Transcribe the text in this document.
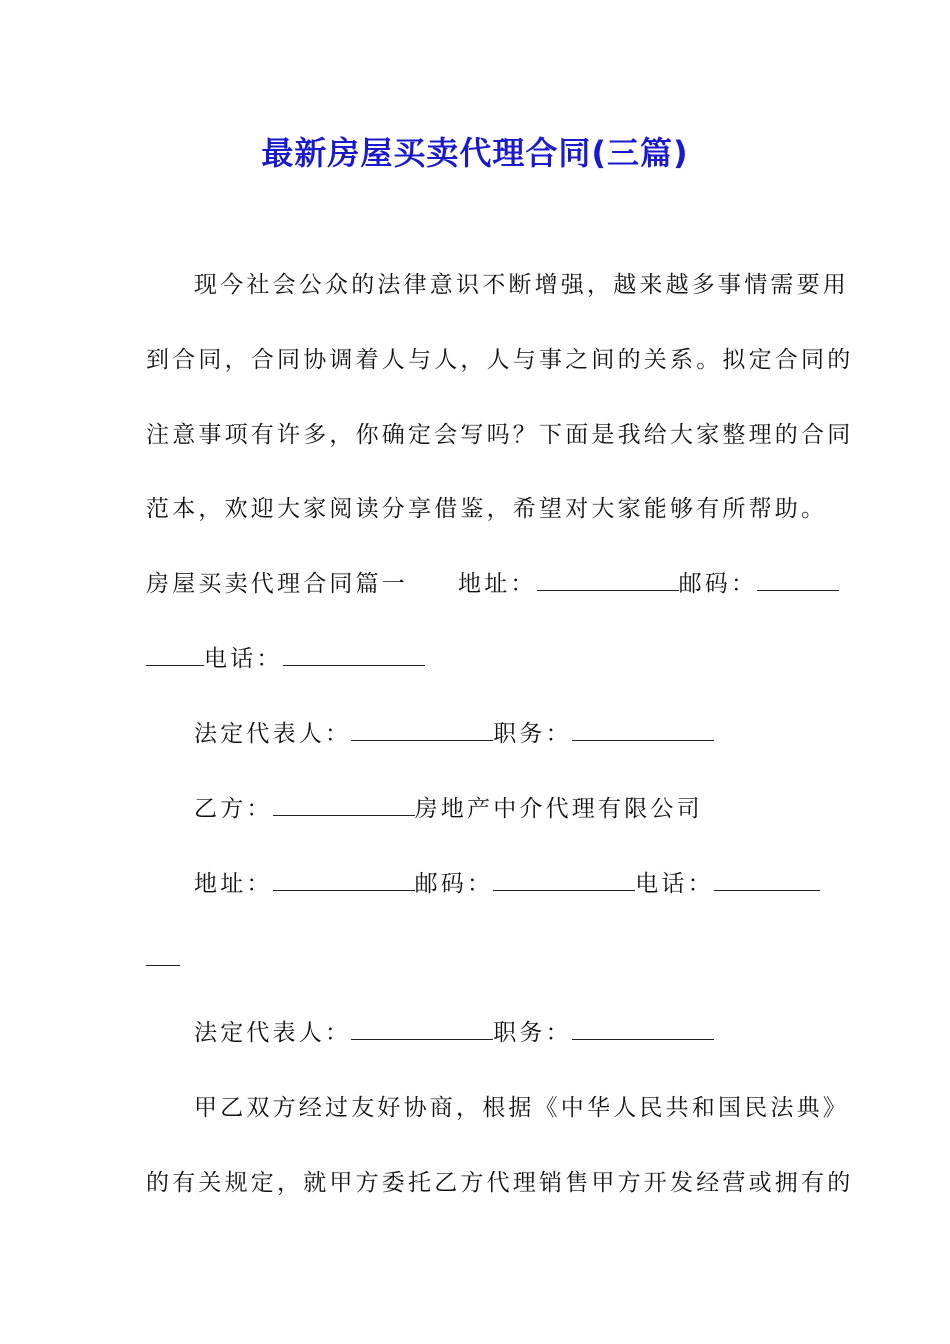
最新房屋买卖代理合同(三篇)
现今社会公众的法律意识不断增强，越来越多事情需要用
到合同，合同协调着人与人，人与事之间的关系。拟定合同的
注意事项有许多，你确定会写吗？下面是我给大家整理的合同
范本，欢迎大家阅读分享借鉴，希望对大家能够有所帮助。
房屋买卖代理合同篇一 地址：	邮码：
电话：
法定代表人：	职务：
乙方：	房地产中介代理有限公司
地址：	邮码：	电话：
法定代表人：	职务：
甲乙双方经过友好协商，根据《中华人民共和国民法典》
的有关规定，就甲方委托乙方代理销售甲方开发经营或拥有的
